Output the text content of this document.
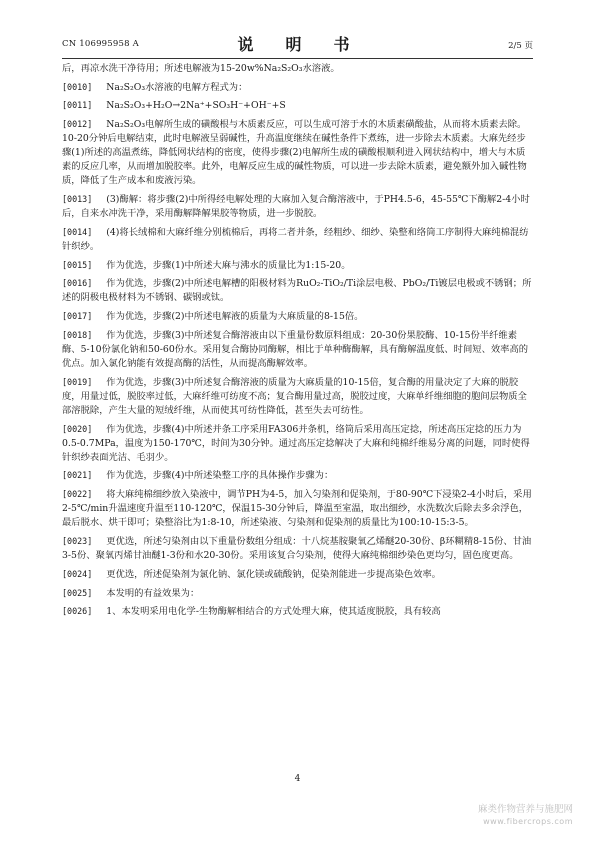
CN 106995958 A	说　明　书	2/5 页

后，再凉水洗干净待用；所述电解液为15-20w%Na₂S₂O₃水溶液。

[0010] Na₂S₂O₃水溶液的电解方程式为：

[0011] Na₂S₂O₃+H₂O→2Na⁺+SO₃H⁻+OH⁻+S

[0012] Na₂S₂O₃电解所生成的磺酸根与木质素反应，可以生成可溶于水的木质素磺酸盐，从而将木质素去除。10-20分钟后电解结束，此时电解液呈弱碱性，升高温度继续在碱性条件下煮练，进一步除去木质素。大麻先经步骤(1)所述的高温煮练，降低网状结构的密度，使得步骤(2)电解所生成的磺酸根顺利进入网状结构中，增大与木质素的反应几率，从而增加脱胶率。此外，电解反应生成的碱性物质，可以进一步去除木质素，避免额外加入碱性物质，降低了生产成本和废液污染。

[0013] (3)酶解：将步骤(2)中所得经电解处理的大麻加入复合酶溶液中，于PH4.5-6，45-55℃下酶解2-4小时后，自来水冲洗干净，采用酶解降解果胶等物质，进一步脱胶。

[0014] (4)将长绒棉和大麻纤维分别梳棉后，再将二者并条，经粗纱、细纱、染整和络筒工序制得大麻纯棉混纺针织纱。

[0015] 作为优选，步骤(1)中所述大麻与沸水的质量比为1:15-20。

[0016] 作为优选，步骤(2)中所述电解槽的阳极材料为RuO₂-TiO₂/Ti涂层电极、PbO₂/Ti镀层电极或不锈钢；所述的阴极电极材料为不锈钢、碳钢或钛。

[0017] 作为优选，步骤(2)中所述电解液的质量为大麻质量的8-15倍。

[0018] 作为优选，步骤(3)中所述复合酶溶液由以下重量份数原料组成：20-30份果胶酶、10-15份半纤维素酶、5-10份氯化钠和50-60份水。采用复合酶协同酶解，相比于单种酶酶解，具有酶解温度低、时间短、效率高的优点。加入氯化钠能有效提高酶的活性，从而提高酶解效率。

[0019] 作为优选，步骤(3)中所述复合酶溶液的质量为大麻质量的10-15倍，复合酶的用量决定了大麻的脱胶度，用量过低，脱胶率过低，大麻纤维可纺度不高；复合酶用量过高，脱胶过度，大麻单纤维细胞的胞间层物质全部溶脱除，产生大量的短绒纤维，从而使其可纺性降低，甚至失去可纺性。

[0020] 作为优选，步骤(4)中所述并条工序采用FA306并条机，络筒后采用高压定捻，所述高压定捻的压力为0.5-0.7MPa，温度为150-170℃，时间为30分钟。通过高压定捻解决了大麻和纯棉纤维易分离的问题，同时使得针织纱表面光洁、毛羽少。

[0021] 作为优选，步骤(4)中所述染整工序的具体操作步骤为：

[0022] 将大麻纯棉细纱放入染液中，调节PH为4-5，加入匀染剂和促染剂，于80-90℃下浸染2-4小时后，采用2-5℃/min升温速度升温至110-120℃，保温15-30分钟后，降温至室温，取出细纱，水洗数次后除去多余浮色，最后脱水、烘干即可；染整浴比为1:8-10，所述染液、匀染剂和促染剂的质量比为100:10-15:3-5。

[0023] 更优选，所述匀染剂由以下重量份数组分组成：十八烷基胺聚氧乙烯醚20-30份、β环糊精8-15份、甘油3-5份、聚氧丙烯甘油醚1-3份和水20-30份。采用该复合匀染剂，使得大麻纯棉细纱染色更均匀，固色度更高。

[0024] 更优选，所述促染剂为氯化钠、氯化镁或硫酸钠，促染剂能进一步提高染色效率。

[0025] 本发明的有益效果为：

[0026] 1、本发明采用电化学-生物酶解相结合的方式处理大麻，使其适度脱胶，具有较高

4
麻类作物营养与施肥网
www.fibercrops.com
